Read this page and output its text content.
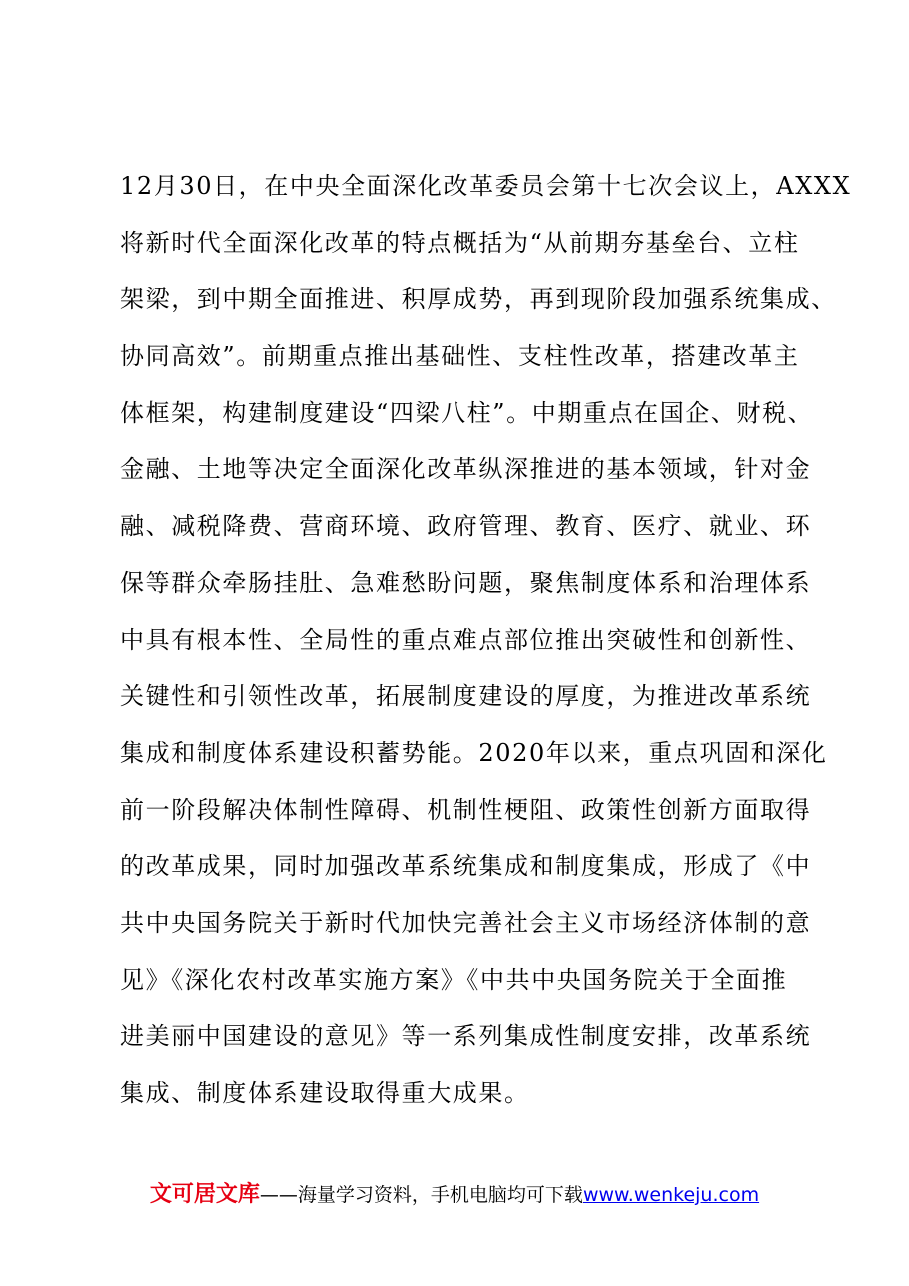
12月30日，在中央全面深化改革委员会第十七次会议上，AXXX
将新时代全面深化改革的特点概括为“从前期夯基垒台、立柱
架梁，到中期全面推进、积厚成势，再到现阶段加强系统集成、
协同高效”。前期重点推出基础性、支柱性改革，搭建改革主
体框架，构建制度建设“四梁八柱”。中期重点在国企、财税、
金融、土地等决定全面深化改革纵深推进的基本领域，针对金
融、减税降费、营商环境、政府管理、教育、医疗、就业、环
保等群众牵肠挂肚、急难愁盼问题，聚焦制度体系和治理体系
中具有根本性、全局性的重点难点部位推出突破性和创新性、
关键性和引领性改革，拓展制度建设的厚度，为推进改革系统
集成和制度体系建设积蓄势能。2020年以来，重点巩固和深化
前一阶段解决体制性障碍、机制性梗阻、政策性创新方面取得
的改革成果，同时加强改革系统集成和制度集成，形成了《中
共中央国务院关于新时代加快完善社会主义市场经济体制的意
见》《深化农村改革实施方案》《中共中央国务院关于全面推
进美丽中国建设的意见》等一系列集成性制度安排，改革系统
集成、制度体系建设取得重大成果。
文可居文库——海量学习资料，手机电脑均可下载www.wenkeju.com
